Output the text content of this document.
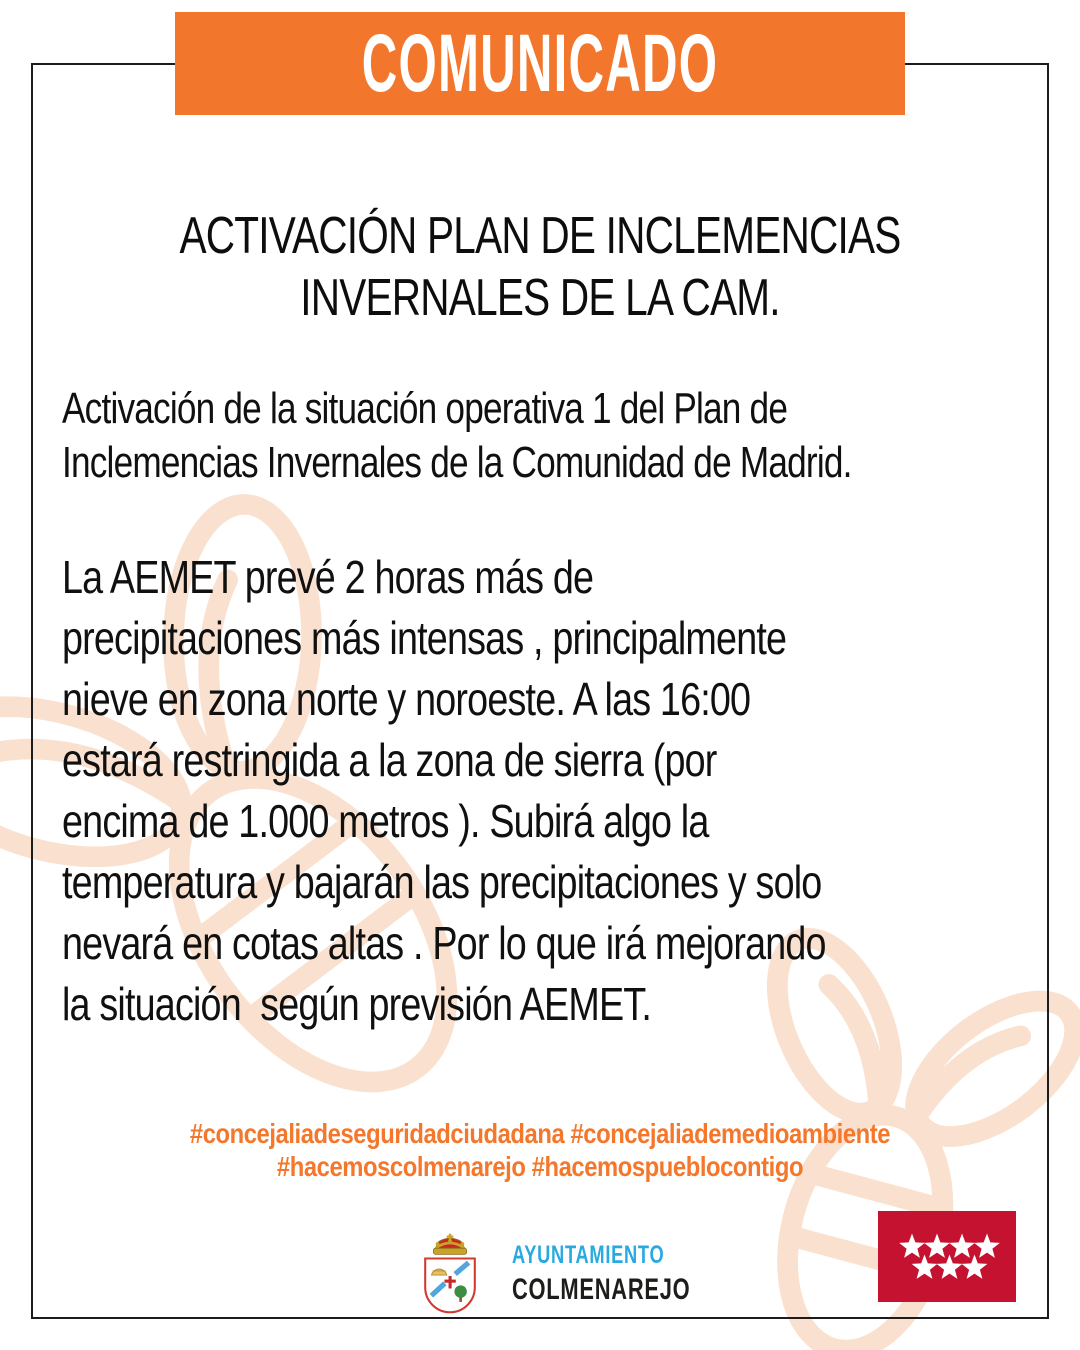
COMUNICADO
ACTIVACIÓN PLAN DE INCLEMENCIAS
INVERNALES DE LA CAM.
Activación de la situación operativa 1 del Plan de
Inclemencias Invernales de la Comunidad de Madrid.
La AEMET prevé 2 horas más de
precipitaciones más intensas , principalmente
nieve en zona norte y noroeste. A las 16:00
estará restringida a la zona de sierra (por
encima de 1.000 metros ). Subirá algo la
temperatura y bajarán las precipitaciones y solo
nevará en cotas altas . Por lo que irá mejorando
la situación  según previsión AEMET.
#concejaliadeseguridadciudadana #concejaliademedioambiente
#hacemoscolmenarejo #hacemospueblocontigo
AYUNTAMIENTO
COLMENAREJO
